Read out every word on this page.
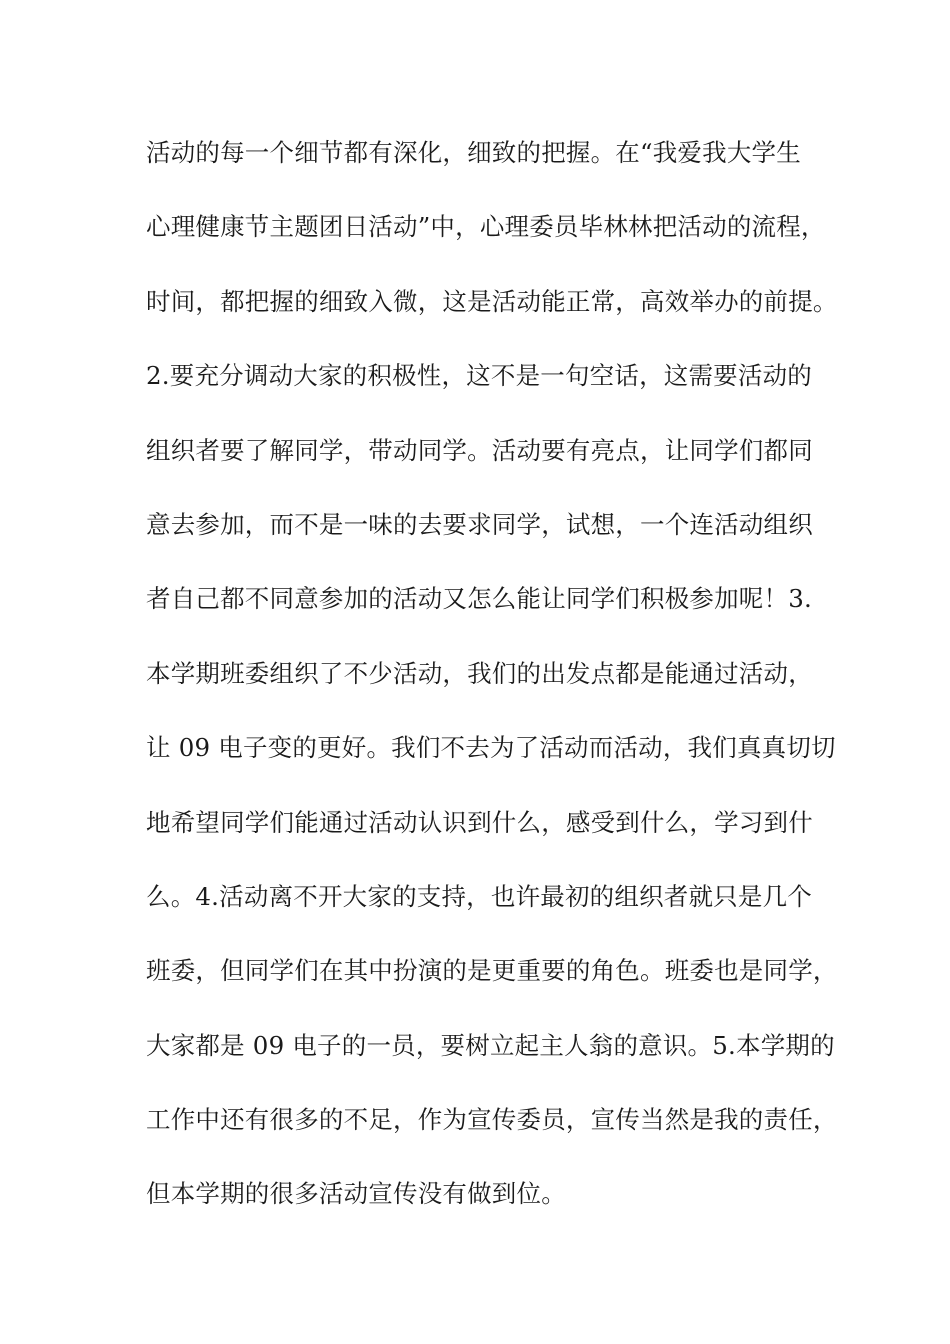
活动的每一个细节都有深化，细致的把握。在“我爱我大学生
心理健康节主题团日活动”中，心理委员毕林林把活动的流程，
时间，都把握的细致入微，这是活动能正常，高效举办的前提。
2.要充分调动大家的积极性，这不是一句空话，这需要活动的
组织者要了解同学，带动同学。活动要有亮点，让同学们都同
意去参加，而不是一味的去要求同学，试想，一个连活动组织
者自己都不同意参加的活动又怎么能让同学们积极参加呢！3.
本学期班委组织了不少活动，我们的出发点都是能通过活动，
让 09 电子变的更好。我们不去为了活动而活动，我们真真切切
地希望同学们能通过活动认识到什么，感受到什么，学习到什
么。4.活动离不开大家的支持，也许最初的组织者就只是几个
班委，但同学们在其中扮演的是更重要的角色。班委也是同学，
大家都是 09 电子的一员，要树立起主人翁的意识。5.本学期的
工作中还有很多的不足，作为宣传委员，宣传当然是我的责任，
但本学期的很多活动宣传没有做到位。
